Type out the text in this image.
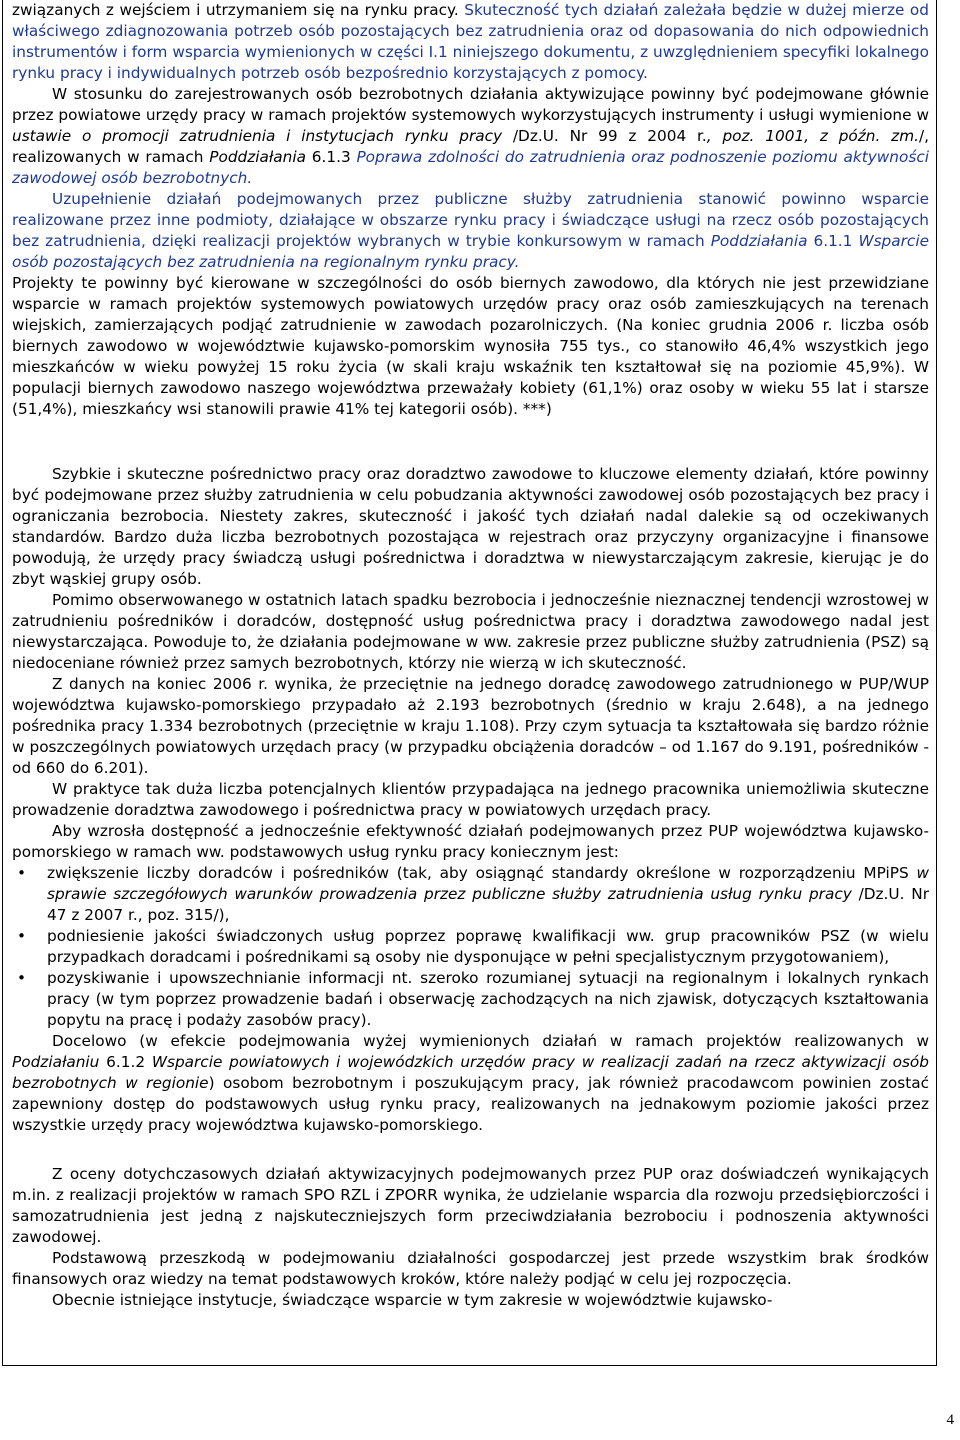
związanych z wejściem i utrzymaniem się na rynku pracy. Skuteczność tych działań zależała będzie w dużej mierze od właściwego zdiagnozowania potrzeb osób pozostających bez zatrudnienia oraz od dopasowania do nich odpowiednich instrumentów i form wsparcia wymienionych w części I.1 niniejszego dokumentu, z uwzględnieniem specyfiki lokalnego rynku pracy i indywidualnych potrzeb osób bezpośrednio korzystających z pomocy.

W stosunku do zarejestrowanych osób bezrobotnych działania aktywizujące powinny być podejmowane głównie przez powiatowe urzędy pracy w ramach projektów systemowych wykorzystujących instrumenty i usługi wymienione w ustawie o promocji zatrudnienia i instytucjach rynku pracy /Dz.U. Nr 99 z 2004 r., poz. 1001, z późn. zm./, realizowanych w ramach Poddziałania 6.1.3 Poprawa zdolności do zatrudnienia oraz podnoszenie poziomu aktywności zawodowej osób bezrobotnych.

Uzupełnienie działań podejmowanych przez publiczne służby zatrudnienia stanowić powinno wsparcie realizowane przez inne podmioty, działające w obszarze rynku pracy i świadczące usługi na rzecz osób pozostających bez zatrudnienia, dzięki realizacji projektów wybranych w trybie konkursowym w ramach Poddziałania 6.1.1 Wsparcie osób pozostających bez zatrudnienia na regionalnym rynku pracy.

Projekty te powinny być kierowane w szczególności do osób biernych zawodowo, dla których nie jest przewidziane wsparcie w ramach projektów systemowych powiatowych urzędów pracy oraz osób zamieszkujących na terenach wiejskich, zamierzających podjąć zatrudnienie w zawodach pozarolniczych. (Na koniec grudnia 2006 r. liczba osób biernych zawodowo w województwie kujawsko-pomorskim wynosiła 755 tys., co stanowiło 46,4% wszystkich jego mieszkańców w wieku powyżej 15 roku życia (w skali kraju wskaźnik ten kształtował się na poziomie 45,9%). W populacji biernych zawodowo naszego województwa przeważały kobiety (61,1%) oraz osoby w wieku 55 lat i starsze (51,4%), mieszkańcy wsi stanowili prawie 41% tej kategorii osób). ***)

Szybkie i skuteczne pośrednictwo pracy oraz doradztwo zawodowe to kluczowe elementy działań, które powinny być podejmowane przez służby zatrudnienia w celu pobudzania aktywności zawodowej osób pozostających bez pracy i ograniczania bezrobocia. Niestety zakres, skuteczność i jakość tych działań nadal dalekie są od oczekiwanych standardów. Bardzo duża liczba bezrobotnych pozostająca w rejestrach oraz przyczyny organizacyjne i finansowe powodują, że urzędy pracy świadczą usługi pośrednictwa i doradztwa w niewystarczającym zakresie, kierując je do zbyt wąskiej grupy osób.

Pomimo obserwowanego w ostatnich latach spadku bezrobocia i jednocześnie nieznacznej tendencji wzrostowej w zatrudnieniu pośredników i doradców, dostępność usług pośrednictwa pracy i doradztwa zawodowego nadal jest niewystarczająca. Powoduje to, że działania podejmowane w ww. zakresie przez publiczne służby zatrudnienia (PSZ) są niedoceniane również przez samych bezrobotnych, którzy nie wierzą w ich skuteczność.

Z danych na koniec 2006 r. wynika, że przeciętnie na jednego doradcę zawodowego zatrudnionego w PUP/WUP województwa kujawsko-pomorskiego przypadało aż 2.193 bezrobotnych (średnio w kraju 2.648), a na jednego pośrednika pracy 1.334 bezrobotnych (przeciętnie w kraju 1.108). Przy czym sytuacja ta kształtowała się bardzo różnie w poszczególnych powiatowych urzędach pracy (w przypadku obciążenia doradców – od 1.167 do 9.191, pośredników - od 660 do 6.201).

W praktyce tak duża liczba potencjalnych klientów przypadająca na jednego pracownika uniemożliwia skuteczne prowadzenie doradztwa zawodowego i pośrednictwa pracy w powiatowych urzędach pracy.

Aby wzrosła dostępność a jednocześnie efektywność działań podejmowanych przez PUP województwa kujawsko-pomorskiego w ramach ww. podstawowych usług rynku pracy koniecznym jest:

• zwiększenie liczby doradców i pośredników (tak, aby osiągnąć standardy określone w rozporządzeniu MPiPS w sprawie szczegółowych warunków prowadzenia przez publiczne służby zatrudnienia usług rynku pracy /Dz.U. Nr 47 z 2007 r., poz. 315/),
• podniesienie jakości świadczonych usług poprzez poprawę kwalifikacji ww. grup pracowników PSZ (w wielu przypadkach doradcami i pośrednikami są osoby nie dysponujące w pełni specjalistycznym przygotowaniem),
• pozyskiwanie i upowszechnianie informacji nt. szeroko rozumianej sytuacji na regionalnym i lokalnych rynkach pracy (w tym poprzez prowadzenie badań i obserwację zachodzących na nich zjawisk, dotyczących kształtowania popytu na pracę i podaży zasobów pracy).

Docelowo (w efekcie podejmowania wyżej wymienionych działań w ramach projektów realizowanych w Podziałaniu 6.1.2 Wsparcie powiatowych i wojewódzkich urzędów pracy w realizacji zadań na rzecz aktywizacji osób bezrobotnych w regionie) osobom bezrobotnym i poszukującym pracy, jak również pracodawcom powinien zostać zapewniony dostęp do podstawowych usług rynku pracy, realizowanych na jednakowym poziomie jakości przez wszystkie urzędy pracy województwa kujawsko-pomorskiego.

Z oceny dotychczasowych działań aktywizacyjnych podejmowanych przez PUP oraz doświadczeń wynikających m.in. z realizacji projektów w ramach SPO RZL i ZPORR wynika, że udzielanie wsparcia dla rozwoju przedsiębiorczości i samozatrudnienia jest jedną z najskuteczniejszych form przeciwdziałania bezrobociu i podnoszenia aktywności zawodowej.

Podstawową przeszkodą w podejmowaniu działalności gospodarczej jest przede wszystkim brak środków finansowych oraz wiedzy na temat podstawowych kroków, które należy podjąć w celu jej rozpoczęcia.

Obecnie istniejące instytucje, świadczące wsparcie w tym zakresie w województwie kujawsko-

4
